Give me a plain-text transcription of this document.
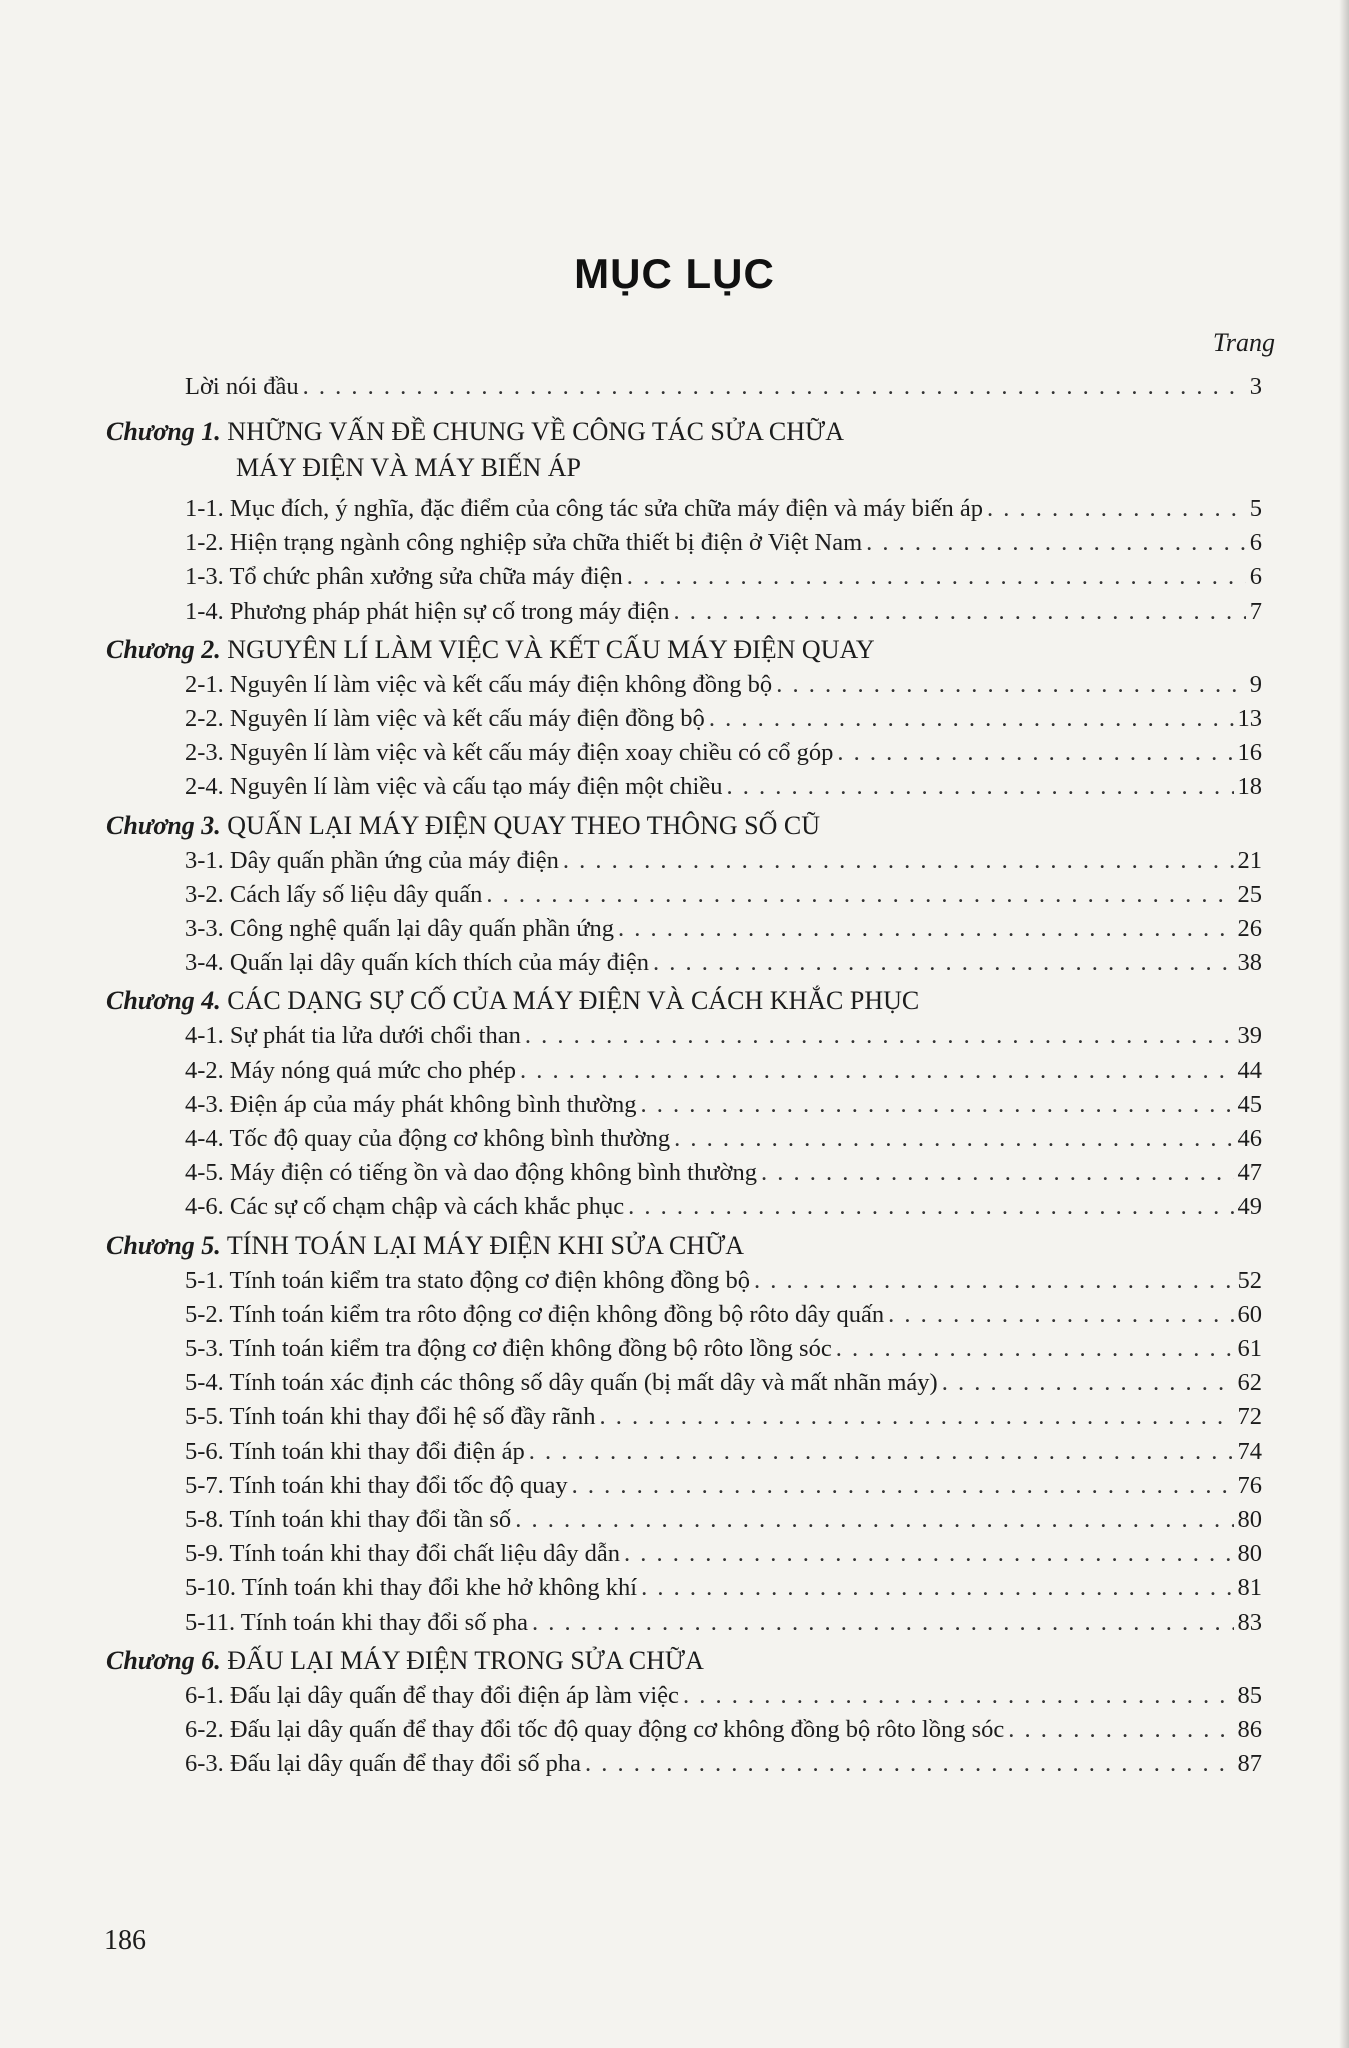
MỤC LỤC
Trang
Lời nói đầu . . .	3
Chương 1. NHỮNG VẤN ĐỀ CHUNG VỀ CÔNG TÁC SỬA CHỮA
MÁY ĐIỆN VÀ MÁY BIẾN ÁP
1-1. Mục đích, ý nghĩa, đặc điểm của công tác sửa chữa máy điện và máy biến áp . . .	5
1-2. Hiện trạng ngành công nghiệp sửa chữa thiết bị điện ở Việt Nam . . .	6
1-3. Tổ chức phân xưởng sửa chữa máy điện . . .	6
1-4. Phương pháp phát hiện sự cố trong máy điện . . .	7
Chương 2. NGUYÊN LÍ LÀM VIỆC VÀ KẾT CẤU MÁY ĐIỆN QUAY
2-1. Nguyên lí làm việc và kết cấu máy điện không đồng bộ . . .	9
2-2. Nguyên lí làm việc và kết cấu máy điện đồng bộ . . .	13
2-3. Nguyên lí làm việc và kết cấu máy điện xoay chiều có cổ góp . . .	16
2-4. Nguyên lí làm việc và cấu tạo máy điện một chiều . . .	18
Chương 3. QUẤN LẠI MÁY ĐIỆN QUAY THEO THÔNG SỐ CŨ
3-1. Dây quấn phần ứng của máy điện . . .	21
3-2. Cách lấy số liệu dây quấn . . .	25
3-3. Công nghệ quấn lại dây quấn phần ứng . . .	26
3-4. Quấn lại dây quấn kích thích của máy điện . . .	38
Chương 4. CÁC DẠNG SỰ CỐ CỦA MÁY ĐIỆN VÀ CÁCH KHẮC PHỤC
4-1. Sự phát tia lửa dưới chổi than . . .	39
4-2. Máy nóng quá mức cho phép . . .	44
4-3. Điện áp của máy phát không bình thường . . .	45
4-4. Tốc độ quay của động cơ không bình thường . . .	46
4-5. Máy điện có tiếng ồn và dao động không bình thường . . .	47
4-6. Các sự cố chạm chập và cách khắc phục . . .	49
Chương 5. TÍNH TOÁN LẠI MÁY ĐIỆN KHI SỬA CHỮA
5-1. Tính toán kiểm tra stato động cơ điện không đồng bộ . . .	52
5-2. Tính toán kiểm tra rôto động cơ điện không đồng bộ rôto dây quấn . . .	60
5-3. Tính toán kiểm tra động cơ điện không đồng bộ rôto lồng sóc . . .	61
5-4. Tính toán xác định các thông số dây quấn (bị mất dây và mất nhãn máy) . . .	62
5-5. Tính toán khi thay đổi hệ số đầy rãnh . . .	72
5-6. Tính toán khi thay đổi điện áp . . .	74
5-7. Tính toán khi thay đổi tốc độ quay . . .	76
5-8. Tính toán khi thay đổi tần số . . .	80
5-9. Tính toán khi thay đổi chất liệu dây dẫn . . .	80
5-10. Tính toán khi thay đổi khe hở không khí . . .	81
5-11. Tính toán khi thay đổi số pha . . .	83
Chương 6. ĐẤU LẠI MÁY ĐIỆN TRONG SỬA CHỮA
6-1. Đấu lại dây quấn để thay đổi điện áp làm việc . . .	85
6-2. Đấu lại dây quấn để thay đổi tốc độ quay động cơ không đồng bộ rôto lồng sóc . . .	86
6-3. Đấu lại dây quấn để thay đổi số pha . . .	87
186
